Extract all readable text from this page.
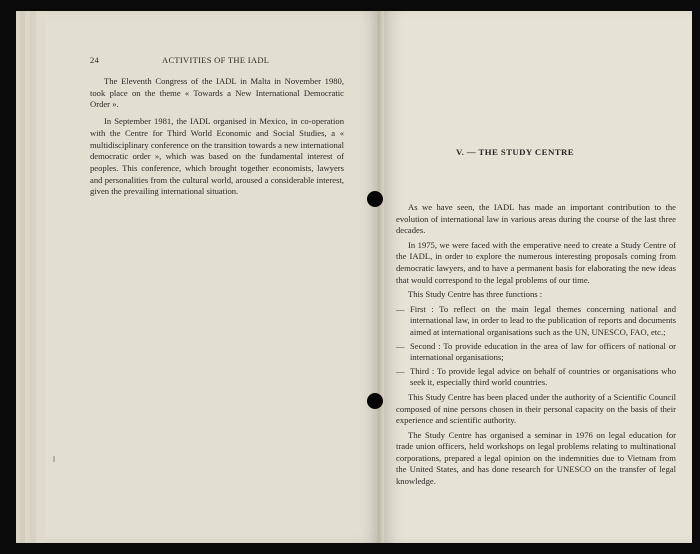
24	ACTIVITIES OF THE IADL

The Eleventh Congress of the IADL in Malta in November 1980, took place on the theme « Towards a New International Democratic Order ».

In September 1981, the IADL organised in Mexico, in co-operation with the Centre for Third World Economic and Social Studies, a « multidisciplinary conference on the transition towards a new international democratic order », which was based on the fundamental interest of peoples. This conference, which brought together economists, lawyers and personalities from the cultural world, aroused a considerable interest, given the prevailing international situation.

V. — THE STUDY CENTRE

As we have seen, the IADL has made an important contribution to the evolution of international law in various areas during the course of the last three decades.

In 1975, we were faced with the emperative need to create a Study Centre of the IADL, in order to explore the numerous interesting proposals coming from democratic lawyers, and to have a permanent basis for elaborating the new ideas that would correspond to the legal problems of our time.

This Study Centre has three functions :

— First : To reflect on the main legal themes concerning national and international law, in order to lead to the publication of reports and documents aimed at international organisations such as the UN, UNESCO, FAO, etc.;
— Second : To provide education in the area of law for officers of national or international organisations;
— Third : To provide legal advice on behalf of countries or organisations who seek it, especially third world countries.

This Study Centre has been placed under the authority of a Scientific Council composed of nine persons chosen in their personal capacity on the basis of their experience and scientific authority.

The Study Centre has organised a seminar in 1976 on legal education for trade union officers, held workshops on legal problems relating to multinational corporations, prepared a legal opinion on the indemnities due to Vietnam from the United States, and has done research for UNESCO on the transfer of legal knowledge.
